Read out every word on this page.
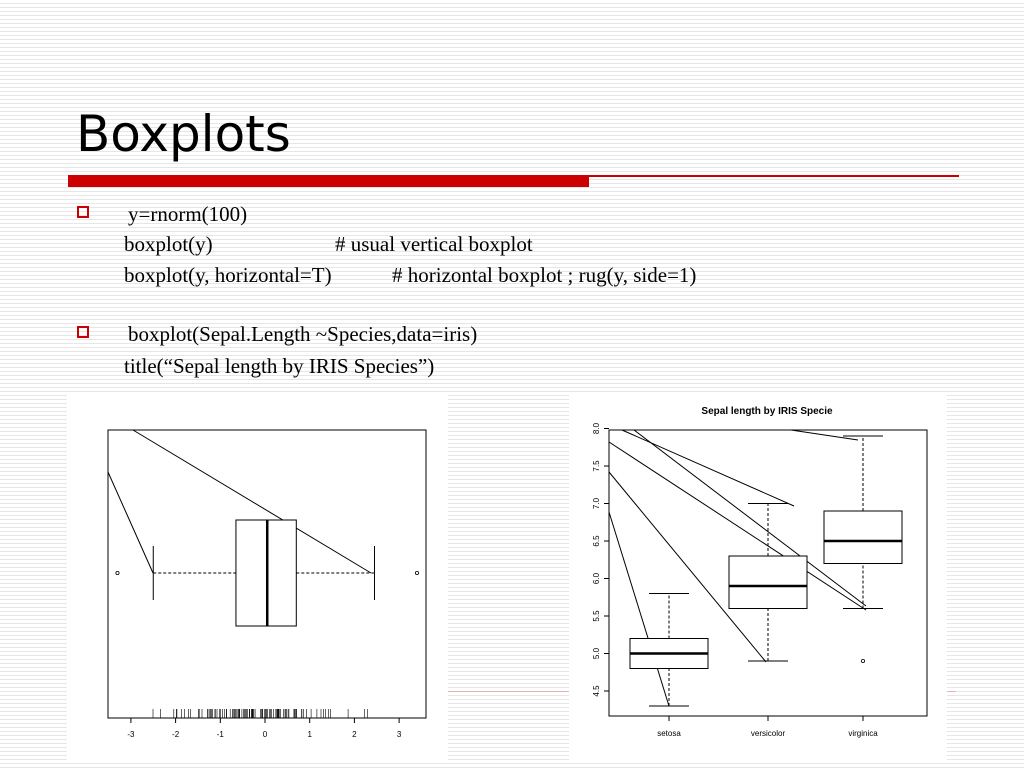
Boxplots
y=rnorm(100)
boxplot(y)	# usual vertical boxplot
boxplot(y, horizontal=T)	# horizontal boxplot ; rug(y, side=1)
boxplot(Sepal.Length ~Species,data=iris)
title(“Sepal length by IRIS Species”)
-3	-2	-1	0	1	2	3
Sepal length by IRIS Specie
setosa	versicolor	virginica
4.5
5.0
5.5
6.0
6.5
7.0
7.5
8.0
